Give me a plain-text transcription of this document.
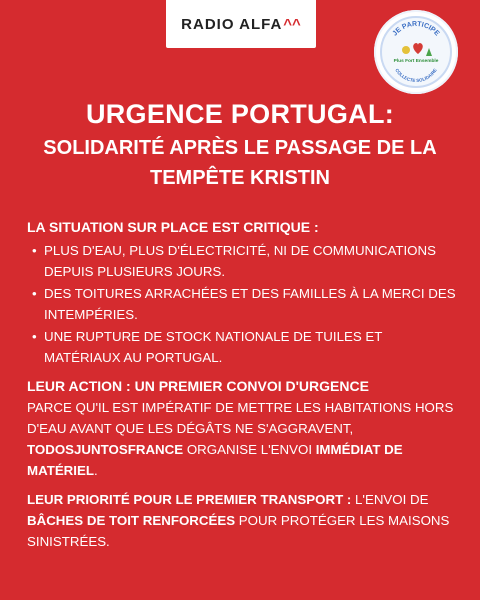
RADIO ALFA ^^
JE PARTICIPE
COLLECTE SOLIDAIRE
Plus Fort Ensemble
URGENCE PORTUGAL:
SOLIDARITÉ APRÈS LE PASSAGE DE LA
TEMPÊTE KRISTIN
LA SITUATION SUR PLACE EST CRITIQUE :
• PLUS D'EAU, PLUS D'ÉLECTRICITÉ, NI DE COMMUNICATIONS DEPUIS PLUSIEURS JOURS.
• DES TOITURES ARRACHÉES ET DES FAMILLES À LA MERCI DES INTEMPÉRIES.
• UNE RUPTURE DE STOCK NATIONALE DE TUILES ET MATÉRIAUX AU PORTUGAL.

LEUR ACTION : UN PREMIER CONVOI D'URGENCE

PARCE QU'IL EST IMPÉRATIF DE METTRE LES HABITATIONS HORS D'EAU AVANT QUE LES DÉGÂTS NE S'AGGRAVENT, TODOSJUNTOSFRANCE ORGANISE L'ENVOI IMMÉDIAT DE MATÉRIEL.

LEUR PRIORITÉ POUR LE PREMIER TRANSPORT : L'ENVOI DE BÂCHES DE TOIT RENFORCÉES POUR PROTÉGER LES MAISONS SINISTRÉES.
